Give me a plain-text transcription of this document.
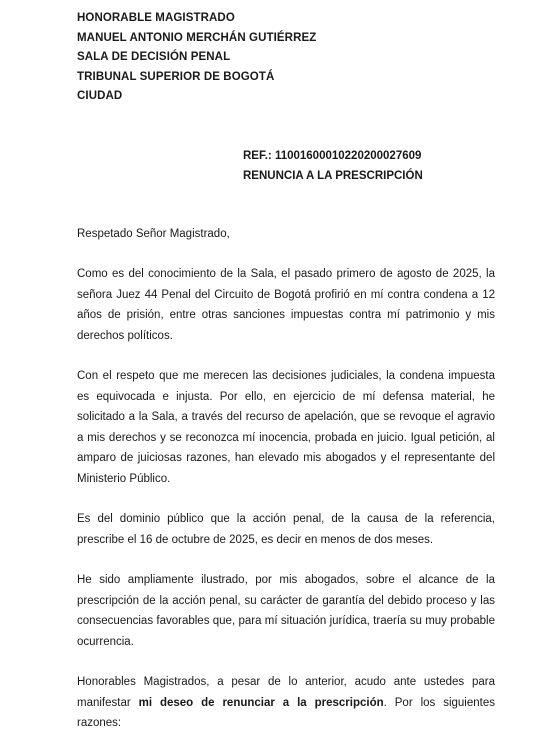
HONORABLE MAGISTRADO
MANUEL ANTONIO MERCHÁN GUTIÉRREZ
SALA DE DECISIÓN PENAL
TRIBUNAL SUPERIOR DE BOGOTÁ
CIUDAD
REF.: 11001600010220200027609
RENUNCIA A LA PRESCRIPCIÓN

Respetado Señor Magistrado,

Como es del conocimiento de la Sala, el pasado primero de agosto de 2025, la señora Juez 44 Penal del Circuito de Bogotá profirió en mí contra condena a 12 años de prisión, entre otras sanciones impuestas contra mí patrimonio y mis derechos políticos.

Con el respeto que me merecen las decisiones judiciales, la condena impuesta es equivocada e injusta. Por ello, en ejercicio de mí defensa material, he solicitado a la Sala, a través del recurso de apelación, que se revoque el agravio a mis derechos y se reconozca mí inocencia, probada en juicio. Igual petición, al amparo de juiciosas razones, han elevado mis abogados y el representante del Ministerio Público.

Es del dominio público que la acción penal, de la causa de la referencia, prescribe el 16 de octubre de 2025, es decir en menos de dos meses.

He sido ampliamente ilustrado, por mis abogados, sobre el alcance de la prescripción de la acción penal, su carácter de garantía del debido proceso y las consecuencias favorables que, para mí situación jurídica, traería su muy probable ocurrencia.

Honorables Magistrados, a pesar de lo anterior, acudo ante ustedes para manifestar mi deseo de renunciar a la prescripción. Por los siguientes razones:
